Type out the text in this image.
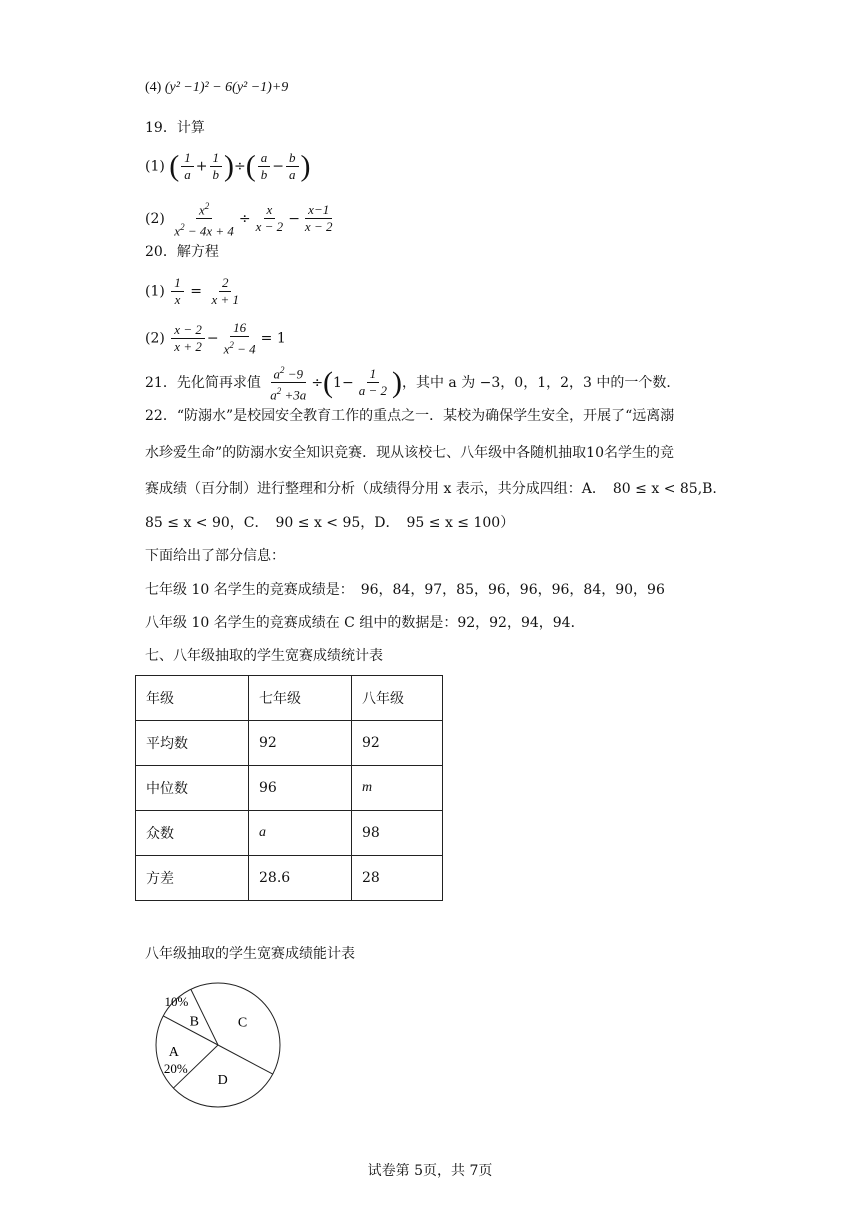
(4) (y² −1)² − 6(y² −1)+9
19．计算
(1) ( $\frac{1}{a} + \frac{1}{b}$ )÷( $\frac{a}{b} - \frac{b}{a}$ )
$(2) \frac{x^2}{x^2 - 4x + 4} \div \frac{x}{x - 2} - \frac{x-1}{x - 2}$
20．解方程
$(1) \frac{1}{x} = \frac{2}{x + 1}$
$(2) \frac{x - 2}{x + 2} - \frac{16}{x^2 - 4} = 1$
21．先化简再求值 $\frac{a^2 -9}{a^2 +3a} \div(1- \frac{1}{a - 2}$ )，其中 a 为 −3，0，1，2，3 中的一个数．
22．“防溺水”是校园安全教育工作的重点之一．某校为确保学生安全，开展了“远离溺
水珍爱生命”的防溺水安全知识竞赛．现从该校七、八年级中各随机抽取10名学生的竞
赛成绩（百分制）进行整理和分析（成绩得分用 x 表示，共分成四组：A．　80 ≤ x < 85,B.
85 ≤ x < 90，C．　90 ≤ x < 95，D．　95 ≤ x ≤ 100）
下面给出了部分信息：
七年级 10 名学生的竞赛成绩是：　96，84，97，85，96，96，96，84，90，96
八年级 10 名学生的竞赛成绩在 C 组中的数据是：92，92，94，94．
七、八年级抽取的学生宽赛成绩统计表
年级	七年级	八年级
平均数	92	92
中位数	96	m
众数	a	98
方差	28.6	28
八年级抽取的学生宽赛成绩能计表
B
10%
C
D
A
20%
试卷第 5页，共 7页
